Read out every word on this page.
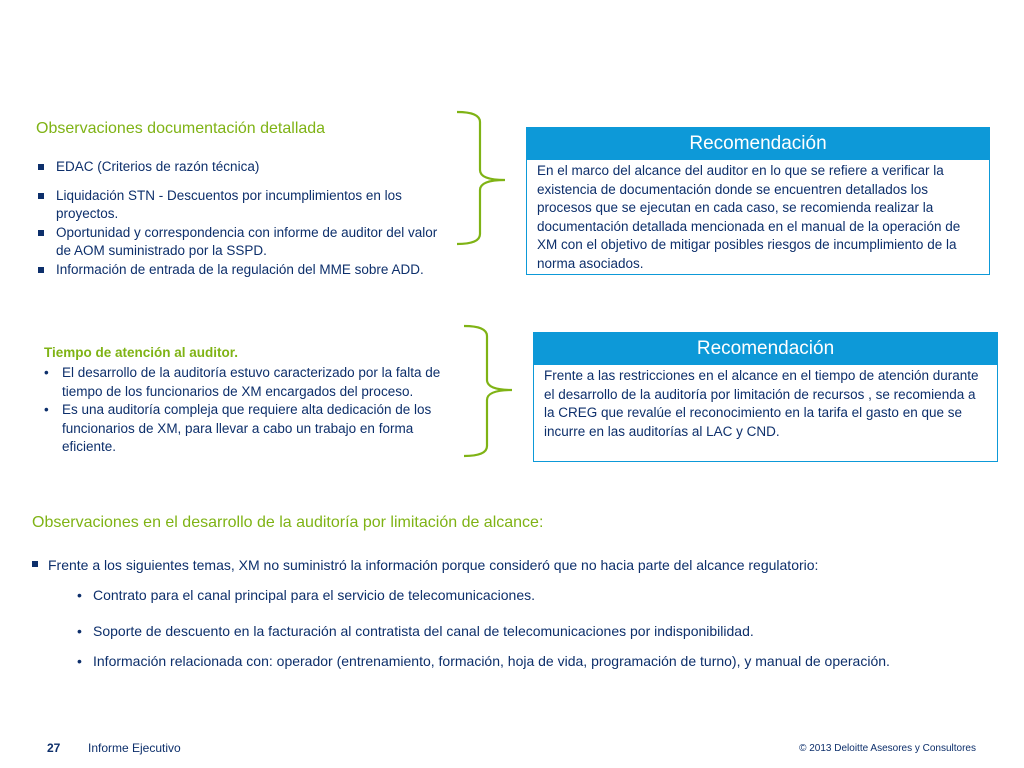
Observaciones documentación detallada
EDAC (Criterios de razón técnica)
Liquidación STN - Descuentos por incumplimientos en los proyectos.
Oportunidad y correspondencia con informe de auditor del valor de AOM suministrado por la SSPD.
Información de entrada de la regulación del MME sobre ADD.
Recomendación
En el marco del alcance del auditor en lo que se refiere a verificar la existencia de documentación donde se encuentren detallados los procesos que se ejecutan en cada caso, se recomienda realizar la documentación detallada mencionada en el manual de la operación de XM con el objetivo de mitigar posibles riesgos de incumplimiento de la norma asociados.
Tiempo de atención al auditor.
• El desarrollo de la auditoría estuvo caracterizado por la falta de tiempo de los funcionarios de XM encargados del proceso.
• Es una auditoría compleja que requiere alta dedicación de los funcionarios de XM, para llevar a cabo un trabajo en forma eficiente.
Recomendación
Frente a las restricciones en el alcance en el tiempo de atención durante el desarrollo de la auditoría por limitación de recursos , se recomienda a la CREG que revalúe el reconocimiento en la tarifa el gasto en que se incurre en las auditorías al LAC y CND.
Observaciones en el desarrollo de la auditoría por limitación de alcance:
Frente a los siguientes temas, XM no suministró la información porque consideró que no hacia parte del alcance regulatorio:
• Contrato para el canal principal para el servicio de telecomunicaciones.
• Soporte de descuento en la facturación al contratista del canal de telecomunicaciones por indisponibilidad.
• Información relacionada con: operador (entrenamiento, formación, hoja de vida, programación de turno), y manual de operación.
27 Informe Ejecutivo	© 2013 Deloitte Asesores y Consultores
